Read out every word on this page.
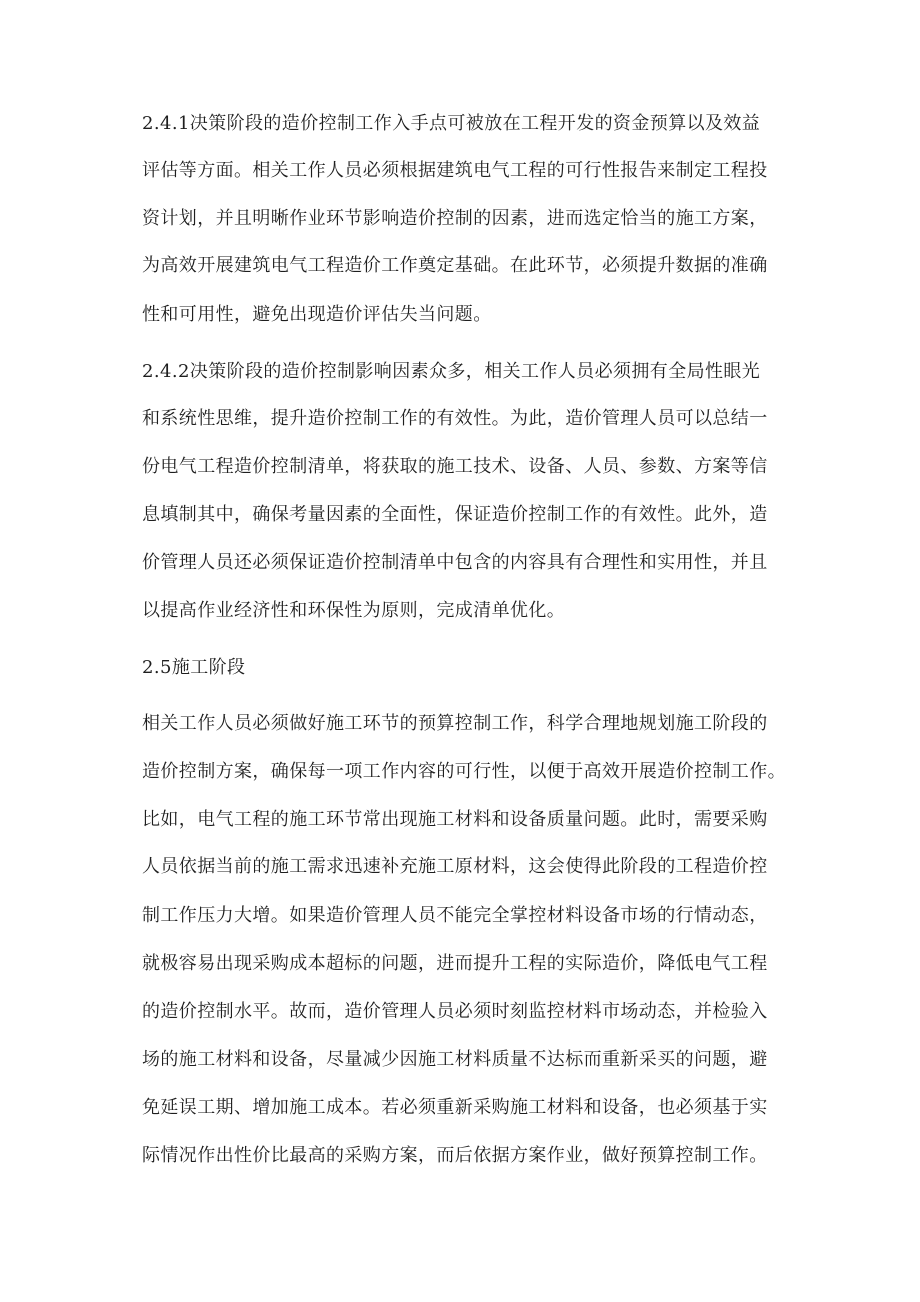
2.4.1决策阶段的造价控制工作入手点可被放在工程开发的资金预算以及效益

评估等方面。相关工作人员必须根据建筑电气工程的可行性报告来制定工程投

资计划，并且明晰作业环节影响造价控制的因素，进而选定恰当的施工方案，

为高效开展建筑电气工程造价工作奠定基础。在此环节，必须提升数据的准确

性和可用性，避免出现造价评估失当问题。

2.4.2决策阶段的造价控制影响因素众多，相关工作人员必须拥有全局性眼光

和系统性思维，提升造价控制工作的有效性。为此，造价管理人员可以总结一

份电气工程造价控制清单，将获取的施工技术、设备、人员、参数、方案等信

息填制其中，确保考量因素的全面性，保证造价控制工作的有效性。此外，造

价管理人员还必须保证造价控制清单中包含的内容具有合理性和实用性，并且

以提高作业经济性和环保性为原则，完成清单优化。

2.5施工阶段

相关工作人员必须做好施工环节的预算控制工作，科学合理地规划施工阶段的

造价控制方案，确保每一项工作内容的可行性，以便于高效开展造价控制工作。

比如，电气工程的施工环节常出现施工材料和设备质量问题。此时，需要采购

人员依据当前的施工需求迅速补充施工原材料，这会使得此阶段的工程造价控

制工作压力大增。如果造价管理人员不能完全掌控材料设备市场的行情动态，

就极容易出现采购成本超标的问题，进而提升工程的实际造价，降低电气工程

的造价控制水平。故而，造价管理人员必须时刻监控材料市场动态，并检验入

场的施工材料和设备，尽量减少因施工材料质量不达标而重新采买的问题，避

免延误工期、增加施工成本。若必须重新采购施工材料和设备，也必须基于实

际情况作出性价比最高的采购方案，而后依据方案作业，做好预算控制工作。
